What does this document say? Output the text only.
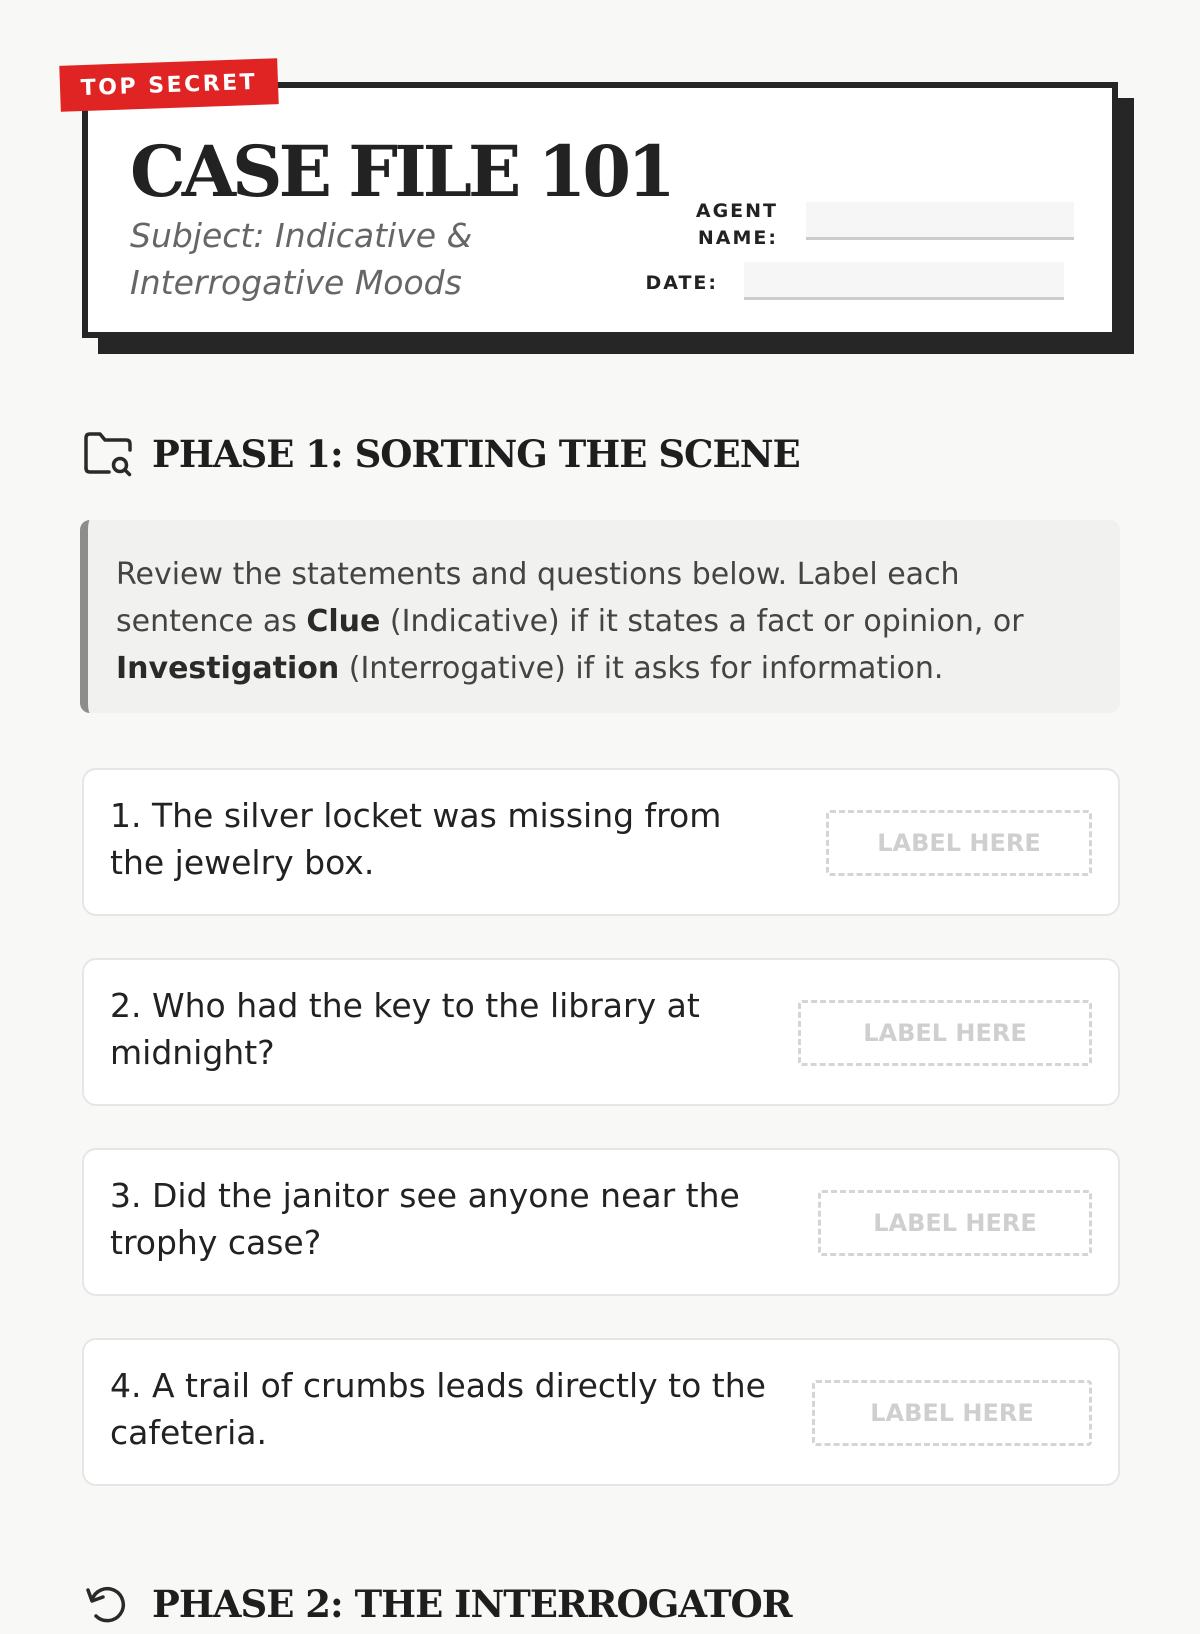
TOP SECRET
CASE FILE 101

Subject: Indicative & Interrogative Moods

AGENT NAME:
DATE:
PHASE 1: SORTING THE SCENE
Review the statements and questions below. Label each sentence as Clue (Indicative) if it states a fact or opinion, or Investigation (Interrogative) if it asks for information.

1. The silver locket was missing from the jewelry box.	LABEL HERE

2. Who had the key to the library at midnight?	LABEL HERE

3. Did the janitor see anyone near the trophy case?	LABEL HERE

4. A trail of crumbs leads directly to the cafeteria.	LABEL HERE
PHASE 2: THE INTERROGATOR
